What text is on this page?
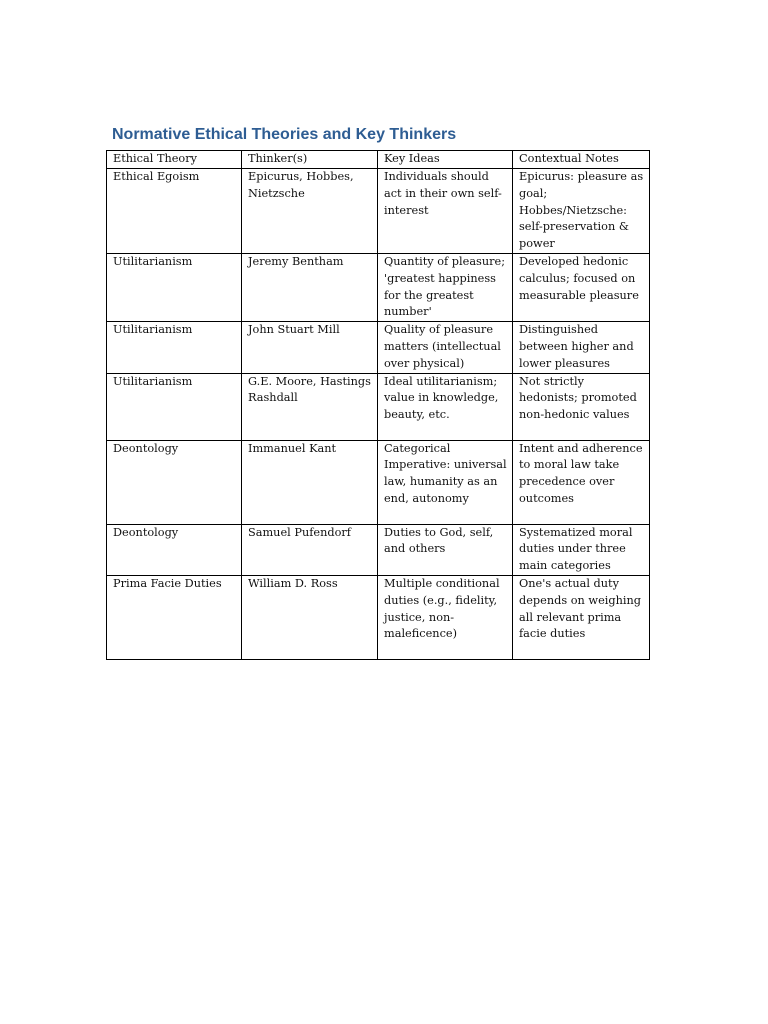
Normative Ethical Theories and Key Thinkers
Ethical Theory	Thinker(s)	Key Ideas	Contextual Notes
Ethical Egoism	Epicurus, Hobbes, Nietzsche	Individuals should act in their own self-interest	Epicurus: pleasure as goal; Hobbes/Nietzsche: self-preservation & power
Utilitarianism	Jeremy Bentham	Quantity of pleasure; 'greatest happiness for the greatest number'	Developed hedonic calculus; focused on measurable pleasure
Utilitarianism	John Stuart Mill	Quality of pleasure matters (intellectual over physical)	Distinguished between higher and lower pleasures
Utilitarianism	G.E. Moore, Hastings Rashdall	Ideal utilitarianism; value in knowledge, beauty, etc.	Not strictly hedonists; promoted non-hedonic values
Deontology	Immanuel Kant	Categorical Imperative: universal law, humanity as an end, autonomy	Intent and adherence to moral law take precedence over outcomes
Deontology	Samuel Pufendorf	Duties to God, self, and others	Systematized moral duties under three main categories
Prima Facie Duties	William D. Ross	Multiple conditional duties (e.g., fidelity, justice, non-maleficence)	One's actual duty depends on weighing all relevant prima facie duties
